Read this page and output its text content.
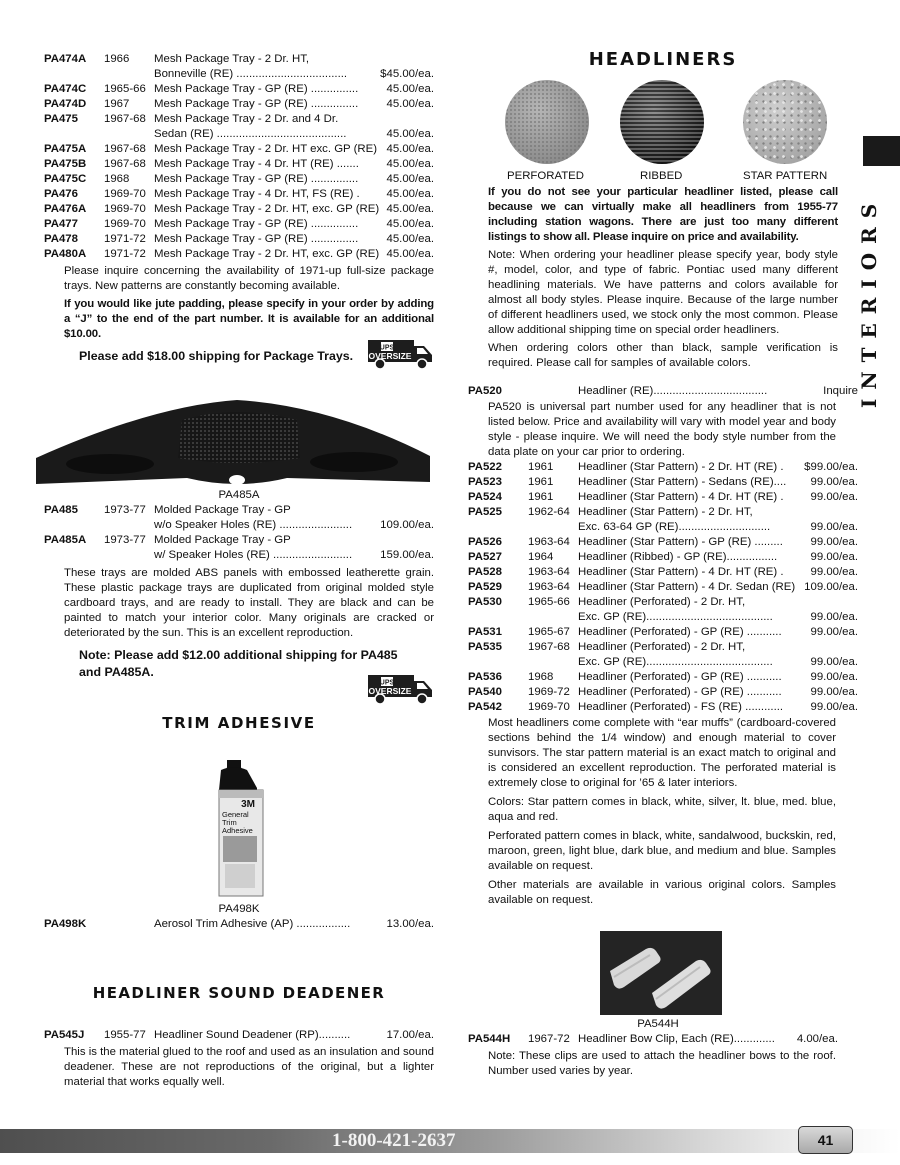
PA474A	1966	Mesh Package Tray - 2 Dr. HT,
Bonneville (RE) ...................................	$45.00/ea.
PA474C	1965-66 Mesh Package Tray - GP (RE) ...............	45.00/ea.
PA474D	1967	Mesh Package Tray - GP (RE) ...............	45.00/ea.
PA475	1967-68 Mesh Package Tray - 2 Dr. and 4 Dr.
Sedan (RE) .........................................	45.00/ea.
PA475A	1967-68 Mesh Package Tray - 2 Dr. HT exc. GP (RE) 45.00/ea.
PA475B	1967-68 Mesh Package Tray - 4 Dr. HT (RE) .......	45.00/ea.
PA475C	1968	Mesh Package Tray - GP (RE) ...............	45.00/ea.
PA476	1969-70 Mesh Package Tray - 4 Dr. HT, FS (RE) .	45.00/ea.
PA476A	1969-70 Mesh Package Tray - 2 Dr. HT, exc. GP (RE) 45.00/ea.
PA477	1969-70 Mesh Package Tray - GP (RE) ...............	45.00/ea.
PA478	1971-72 Mesh Package Tray - GP (RE) ...............	45.00/ea.
PA480A	1971-72 Mesh Package Tray - 2 Dr. HT, exc. GP (RE) 45.00/ea.

Please inquire concerning the availability of 1971-up full-size package trays. New patterns are constantly becoming available.

If you would like jute padding, please specify in your order by adding a “J” to the end of the part number. It is available for an additional $10.00.

Please add $18.00 shipping for Package Trays.

UPS
OVERSIZE

PA485A

PA485	1973-77 Molded Package Tray - GP
w/o Speaker Holes (RE) .......................	109.00/ea.
PA485A	1973-77 Molded Package Tray - GP
w/ Speaker Holes (RE) .........................	159.00/ea.

These trays are molded ABS panels with embossed leatherette grain. These plastic package trays are duplicated from original molded style cardboard trays, and are ready to install. They are black and can be painted to match your interior color. Many originals are cracked or deteriorated by the sun. This is an excellent reproduction.

Note: Please add $12.00 additional shipping for PA485 and PA485A.

UPS
OVERSIZE
TRIM ADHESIVE
3M
General
Trim
Adhesive

PA498K

PA498K	Aerosol Trim Adhesive (AP) .................	13.00/ea.
HEADLINER SOUND DEADENER
PA545J	1955-77 Headliner Sound Deadener (RP)..........	17.00/ea.

This is the material glued to the roof and used as an insulation and sound deadener. These are not reproductions of the original, but a lighter material that works equally well.

HEADLINERS
PERFORATED	RIBBED	STAR PATTERN

If you do not see your particular headliner listed, please call because we can virtually make all headliners from 1955-77 including station wagons. There are just too many different listings to show all. Please inquire on price and availability.

Note: When ordering your headliner please specify year, body style #, model, color, and type of fabric. Pontiac used many different headlining materials. We have patterns and colors available for almost all body styles. Please inquire. Because of the large number of different headliners used, we stock only the most common. Please allow additional shipping time on special order headliners.

When ordering colors other than black, sample verification is required. Please call for samples of available colors.

PA520	Headliner (RE)....................................	Inquire

PA520 is universal part number used for any headliner that is not listed below. Price and availability will vary with model year and body style - please inquire. We will need the body style number from the data plate on your car prior to ordering.

PA522	1961	Headliner (Star Pattern) - 2 Dr. HT (RE) .	$99.00/ea.
PA523	1961	Headliner (Star Pattern) - Sedans (RE)....	99.00/ea.
PA524	1961	Headliner (Star Pattern) - 4 Dr. HT (RE) .	99.00/ea.
PA525	1962-64 Headliner (Star Pattern) - 2 Dr. HT,
Exc. 63-64 GP (RE).............................	99.00/ea.
PA526	1963-64 Headliner (Star Pattern) - GP (RE) .........	99.00/ea.
PA527	1964	Headliner (Ribbed) - GP (RE)................	99.00/ea.
PA528	1963-64 Headliner (Star Pattern) - 4 Dr. HT (RE) .	99.00/ea.
PA529	1963-64 Headliner (Star Pattern) - 4 Dr. Sedan (RE) 109.00/ea.
PA530	1965-66 Headliner (Perforated) - 2 Dr. HT,
Exc. GP (RE)........................................	99.00/ea.
PA531	1965-67 Headliner (Perforated) - GP (RE) ...........	99.00/ea.
PA535	1967-68 Headliner (Perforated) - 2 Dr. HT,
Exc. GP (RE)........................................	99.00/ea.
PA536	1968	Headliner (Perforated) - GP (RE) ...........	99.00/ea.
PA540	1969-72 Headliner (Perforated) - GP (RE) ...........	99.00/ea.
PA542	1969-70 Headliner (Perforated) - FS (RE) ............	99.00/ea.

Most headliners come complete with “ear muffs” (cardboard-covered sections behind the 1/4 window) and enough material to cover sunvisors. The star pattern material is an exact match to original and is considered an excellent reproduction. The perforated material is extremely close to original for ’65 & later interiors.

Colors: Star pattern comes in black, white, silver, lt. blue, med. blue, aqua and red.

Perforated pattern comes in black, white, sandalwood, buckskin, red, maroon, green, light blue, dark blue, and medium and blue. Samples available on request.

Other materials are available in various original colors. Samples available on request.

PA544H

PA544H	1967-72 Headliner Bow Clip, Each (RE).............	4.00/ea.

Note: These clips are used to attach the headliner bows to the roof. Number used varies by year.

INTERIORS
1-800-421-2637	41
